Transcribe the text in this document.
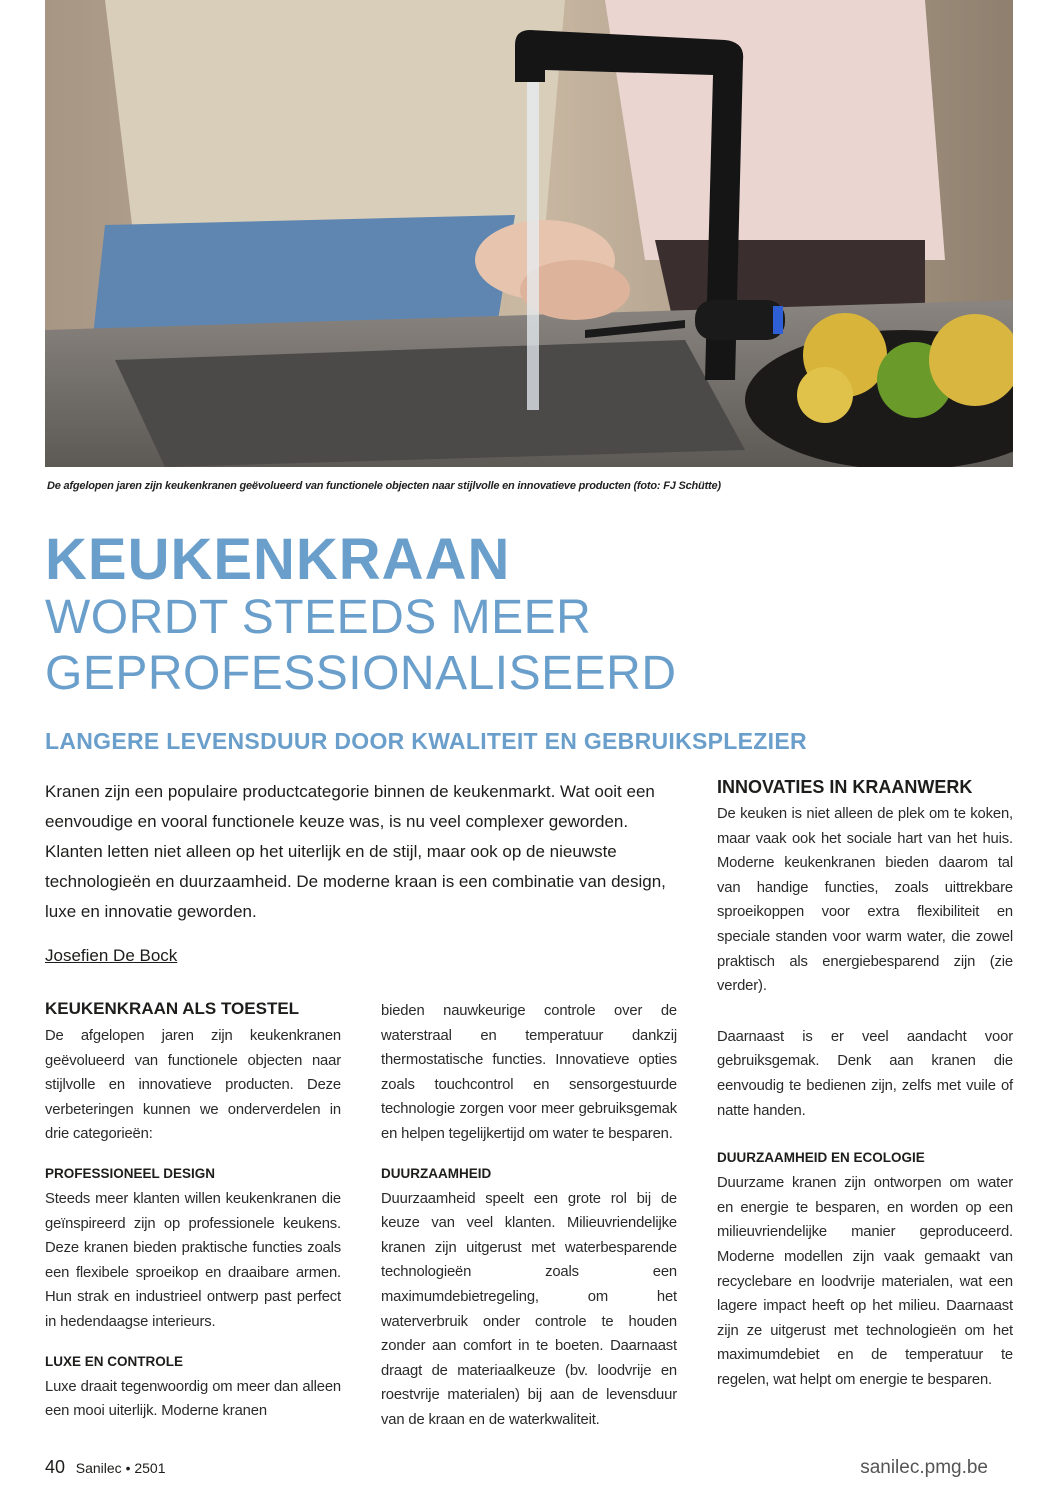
De afgelopen jaren zijn keukenkranen geëvolueerd van functionele objecten naar stijlvolle en innovatieve producten (foto: FJ Schütte)
KEUKENKRAAN
WORDT STEEDS MEER
GEPROFESSIONALISEERD
LANGERE LEVENSDUUR DOOR KWALITEIT EN GEBRUIKSPLEZIER

Kranen zijn een populaire productcategorie binnen de keukenmarkt. Wat ooit een eenvoudige en vooral functionele keuze was, is nu veel complexer geworden. Klanten letten niet alleen op het uiterlijk en de stijl, maar ook op de nieuwste technologieën en duurzaamheid. De moderne kraan is een combinatie van design, luxe en innovatie geworden.

Josefien De Bock

KEUKENKRAAN ALS TOESTEL

De afgelopen jaren zijn keukenkranen geëvolueerd van functionele objecten naar stijlvolle en innovatieve producten. Deze verbeteringen kunnen we onderverdelen in drie categorieën:

PROFESSIONEEL DESIGN

Steeds meer klanten willen keukenkranen die geïnspireerd zijn op professionele keukens. Deze kranen bieden praktische functies zoals een flexibele sproeikop en draaibare armen. Hun strak en industrieel ontwerp past perfect in hedendaagse interieurs.

LUXE EN CONTROLE

Luxe draait tegenwoordig om meer dan alleen een mooi uiterlijk. Moderne kranen

bieden nauwkeurige controle over de waterstraal en temperatuur dankzij thermostatische functies. Innovatieve opties zoals touchcontrol en sensorgestuurde technologie zorgen voor meer gebruiksgemak en helpen tegelijkertijd om water te besparen.

DUURZAAMHEID

Duurzaamheid speelt een grote rol bij de keuze van veel klanten. Milieuvriendelijke kranen zijn uitgerust met waterbesparende technologieën zoals een maximumdebietregeling, om het waterverbruik onder controle te houden zonder aan comfort in te boeten. Daarnaast draagt de materiaalkeuze (bv. loodvrije en roestvrije materialen) bij aan de levensduur van de kraan en de waterkwaliteit.

INNOVATIES IN KRAANWERK

De keuken is niet alleen de plek om te koken, maar vaak ook het sociale hart van het huis. Moderne keukenkranen bieden daarom tal van handige functies, zoals uittrekbare sproeikoppen voor extra flexibiliteit en speciale standen voor warm water, die zowel praktisch als energiebesparend zijn (zie verder).

Daarnaast is er veel aandacht voor gebruiksgemak. Denk aan kranen die eenvoudig te bedienen zijn, zelfs met vuile of natte handen.

DUURZAAMHEID EN ECOLOGIE

Duurzame kranen zijn ontworpen om water en energie te besparen, en worden op een milieuvriendelijke manier geproduceerd. Moderne modellen zijn vaak gemaakt van recyclebare en loodvrije materialen, wat een lagere impact heeft op het milieu. Daarnaast zijn ze uitgerust met technologieën om het maximumdebiet en de temperatuur te regelen, wat helpt om energie te besparen.

40 Sanilec • 2501	sanilec.pmg.be
